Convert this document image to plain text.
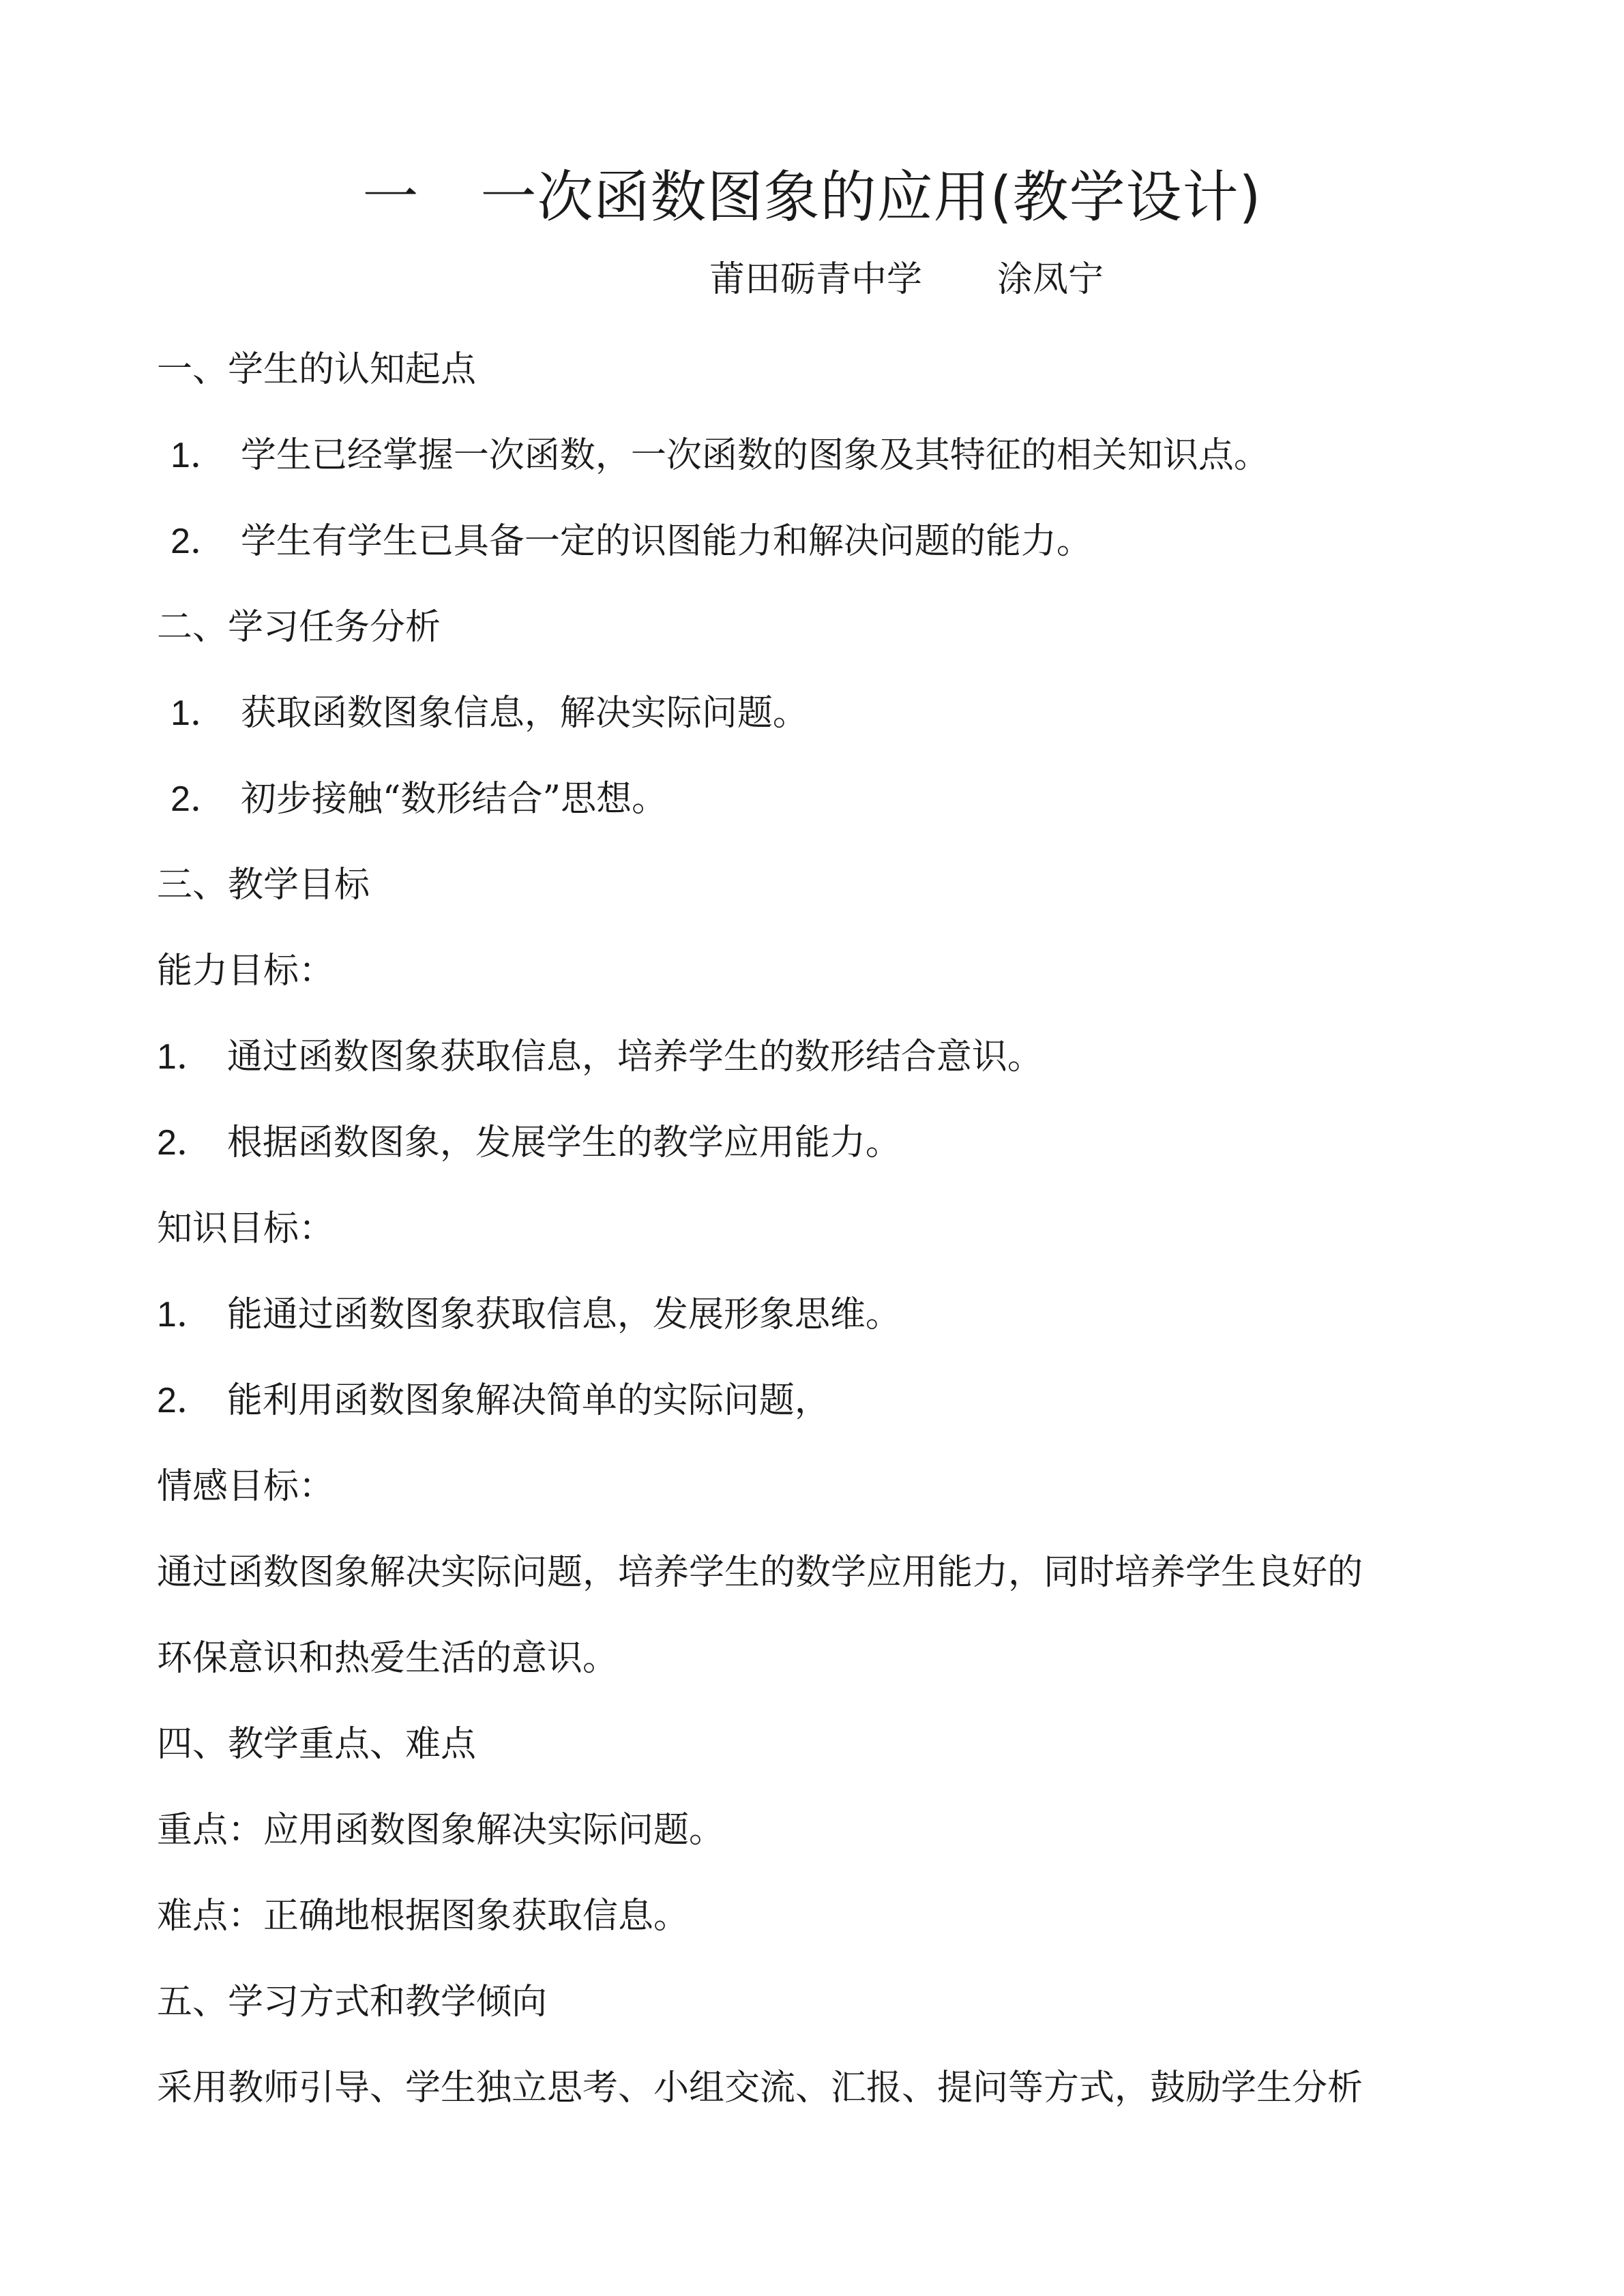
一 一次函数图象的应用(教学设计)
莆田砺青中学 涂凤宁
一、学生的认知起点
1． 学生已经掌握一次函数，一次函数的图象及其特征的相关知识点。
2． 学生有学生已具备一定的识图能力和解决问题的能力。
二、学习任务分析
1． 获取函数图象信息，解决实际问题。
2． 初步接触“数形结合”思想。
三、教学目标
能力目标：
1． 通过函数图象获取信息，培养学生的数形结合意识。
2． 根据函数图象，发展学生的教学应用能力。
知识目标：
1． 能通过函数图象获取信息，发展形象思维。
2． 能利用函数图象解决简单的实际问题，
情感目标：
通过函数图象解决实际问题，培养学生的数学应用能力，同时培养学生良好的
环保意识和热爱生活的意识。
四、教学重点、难点
重点：应用函数图象解决实际问题。
难点：正确地根据图象获取信息。
五、学习方式和教学倾向
采用教师引导、学生独立思考、小组交流、汇报、提问等方式，鼓励学生分析
